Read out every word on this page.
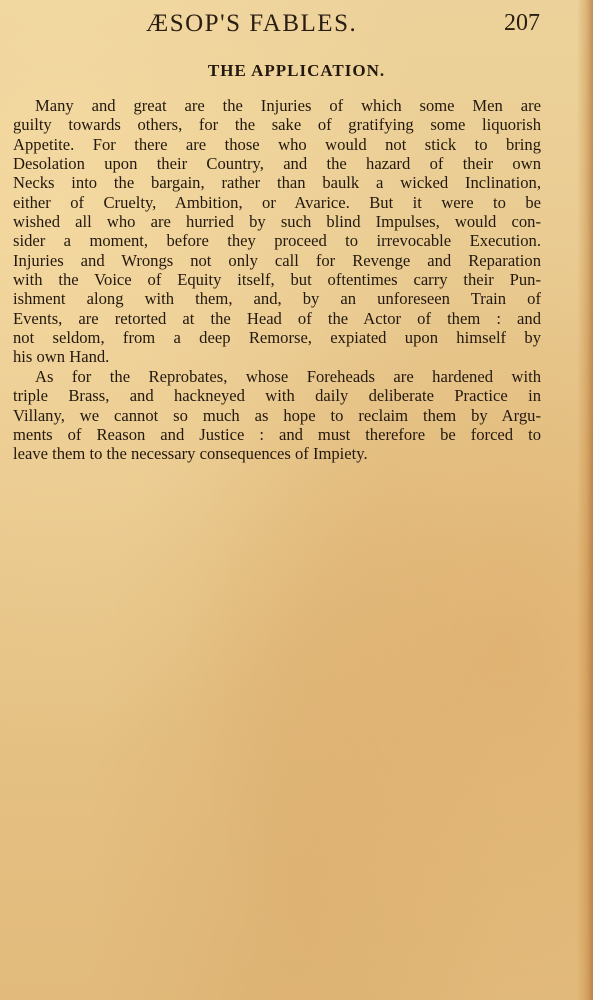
ÆSOP'S FABLES.	207
THE APPLICATION.
Many and great are the Injuries of which some Men are
guilty towards others, for the sake of gratifying some liquorish
Appetite. For there are those who would not stick to bring
Desolation upon their Country, and the hazard of their own
Necks into the bargain, rather than baulk a wicked Inclination,
either of Cruelty, Ambition, or Avarice. But it were to be
wished all who are hurried by such blind Impulses, would con-
sider a moment, before they proceed to irrevocable Execution.
Injuries and Wrongs not only call for Revenge and Reparation
with the Voice of Equity itself, but oftentimes carry their Pun-
ishment along with them, and, by an unforeseen Train of
Events, are retorted at the Head of the Actor of them : and
not seldom, from a deep Remorse, expiated upon himself by
his own Hand.
As for the Reprobates, whose Foreheads are hardened with
triple Brass, and hackneyed with daily deliberate Practice in
Villany, we cannot so much as hope to reclaim them by Argu-
ments of Reason and Justice : and must therefore be forced to
leave them to the necessary consequences of Impiety.
